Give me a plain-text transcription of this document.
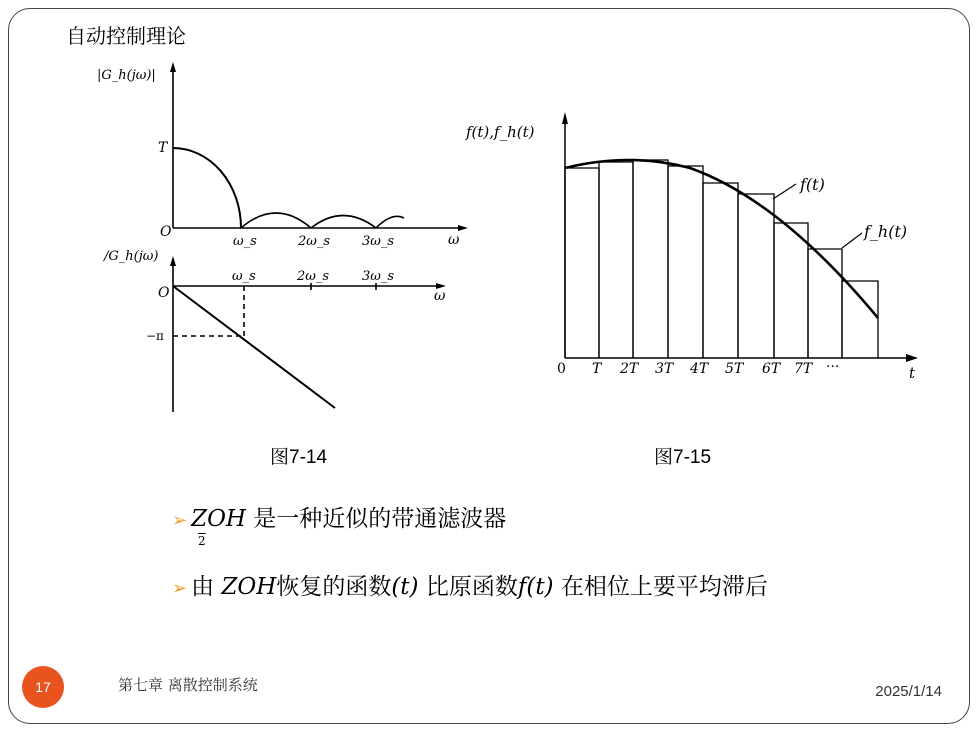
自动控制理论
|G_h(jω)|
T
O
ω_s	2ω_s 3ω_s	ω
/G_h(jω)
O
−π
ω_s	2ω_s	3ω_s
ω
f(t),f_h(t)
f(t)
f_h(t)
0 T 2T 3T 4T 5T 6T 7T ···	t
图7-14	图7-15
➢ ZOH 是一种近似的带通滤波器
2
➢ 由 ZOH恢复的函数(t) 比原函数f(t) 在相位上要平均滞后
17	第七章 离散控制系统	2025/1/14
